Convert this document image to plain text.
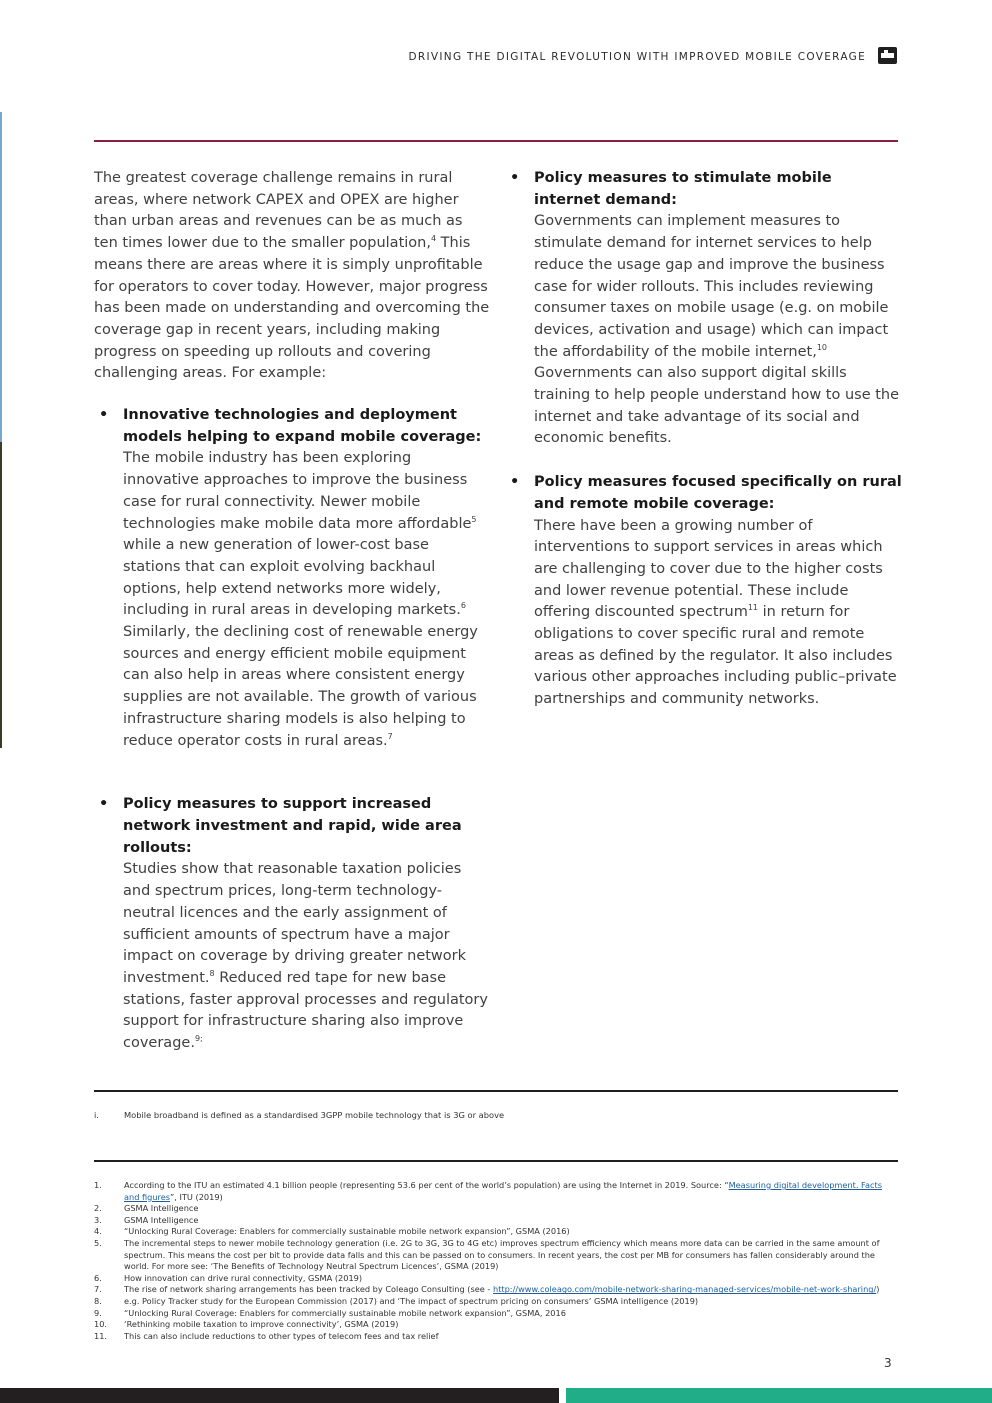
DRIVING THE DIGITAL REVOLUTION WITH IMPROVED MOBILE COVERAGE

The greatest coverage challenge remains in rural areas, where network CAPEX and OPEX are higher than urban areas and revenues can be as much as ten times lower due to the smaller population,$^4$ This means there are areas where it is simply unprofitable for operators to cover today. However, major progress has been made on understanding and overcoming the coverage gap in recent years, including making progress on speeding up rollouts and covering challenging areas. For example:

• Innovative technologies and deployment models helping to expand mobile coverage:
The mobile industry has been exploring innovative approaches to improve the business case for rural connectivity. Newer mobile technologies make mobile data more affordable$^5$ while a new generation of lower-cost base stations that can exploit evolving backhaul options, help extend networks more widely, including in rural areas in developing markets.$^6$ Similarly, the declining cost of renewable energy sources and energy efficient mobile equipment can also help in areas where consistent energy supplies are not available. The growth of various infrastructure sharing models is also helping to reduce operator costs in rural areas.$^7$
• Policy measures to support increased network investment and rapid, wide area rollouts:
Studies show that reasonable taxation policies and spectrum prices, long-term technology-neutral licences and the early assignment of sufficient amounts of spectrum have a major impact on coverage by driving greater network investment.$^8$ Reduced red tape for new base stations, faster approval processes and regulatory support for infrastructure sharing also improve coverage.$^{9;}$
• Policy measures to stimulate mobile internet demand:
Governments can implement measures to stimulate demand for internet services to help reduce the usage gap and improve the business case for wider rollouts. This includes reviewing consumer taxes on mobile usage (e.g. on mobile devices, activation and usage) which can impact the affordability of the mobile internet,$^{10}$ Governments can also support digital skills training to help people understand how to use the internet and take advantage of its social and economic benefits.
• Policy measures focused specifically on rural and remote mobile coverage:
There have been a growing number of interventions to support services in areas which are challenging to cover due to the higher costs and lower revenue potential. These include offering discounted spectrum$^{11}$ in return for obligations to cover specific rural and remote areas as defined by the regulator. It also includes various other approaches including public–private partnerships and community networks.
i.	Mobile broadband is defined as a standardised 3GPP mobile technology that is 3G or above
1.	According to the ITU an estimated 4.1 billion people (representing 53.6 per cent of the world’s population) are using the Internet in 2019. Source: “Measuring digital development. Facts and figures”, ITU (2019)
2.	GSMA Intelligence
3.	GSMA Intelligence
4.	“Unlocking Rural Coverage: Enablers for commercially sustainable mobile network expansion”, GSMA (2016)
5.	The incremental steps to newer mobile technology generation (i.e. 2G to 3G, 3G to 4G etc) improves spectrum efficiency which means more data can be carried in the same amount of spectrum. This means the cost per bit to provide data falls and this can be passed on to consumers. In recent years, the cost per MB for consumers has fallen considerably around the world. For more see: ‘The Benefits of Technology Neutral Spectrum Licences’, GSMA (2019)
6.	How innovation can drive rural connectivity, GSMA (2019)
7.	The rise of network sharing arrangements has been tracked by Coleago Consulting (see - http://www.coleago.com/mobile-network-sharing-managed-services/mobile-net-work-sharing/)
8.	e.g. Policy Tracker study for the European Commission (2017) and ‘The impact of spectrum pricing on consumers’ GSMA intelligence (2019)
9.	“Unlocking Rural Coverage: Enablers for commercially sustainable mobile network expansion”, GSMA, 2016
10. ‘Rethinking mobile taxation to improve connectivity’, GSMA (2019)
11. This can also include reductions to other types of telecom fees and tax relief
3
